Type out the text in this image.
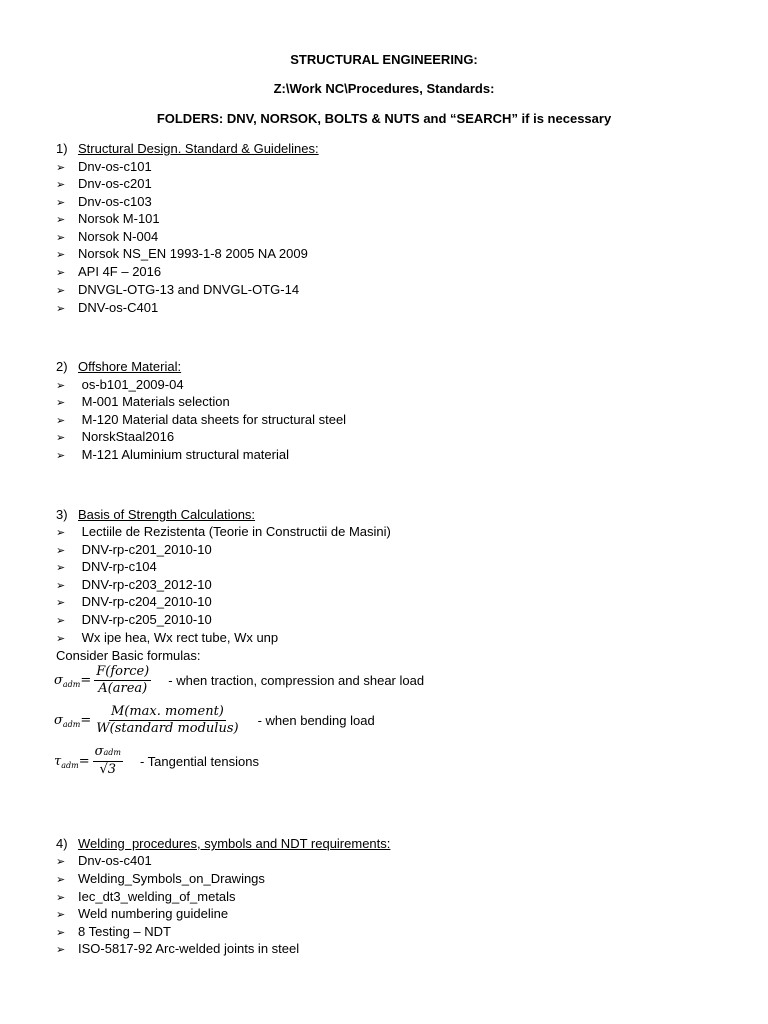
STRUCTURAL ENGINEERING:
Z:\Work NC\Procedures, Standards:
FOLDERS: DNV, NORSOK, BOLTS & NUTS and “SEARCH” if is necessary
1) Structural Design. Standard & Guidelines:
➢ Dnv-os-c101
➢ Dnv-os-c201
➢ Dnv-os-c103
➢ Norsok M-101
➢ Norsok N-004
➢ Norsok NS_EN 1993-1-8 2005 NA 2009
➢ API 4F – 2016
➢ DNVGL-OTG-13 and DNVGL-OTG-14
➢ DNV-os-C401
2) Offshore Material:
➢ os-b101_2009-04
➢ M-001 Materials selection
➢ M-120 Material data sheets for structural steel
➢ NorskStaal2016
➢ M-121 Aluminium structural material
3) Basis of Strength Calculations:
➢ Lectiile de Rezistenta (Teorie in Constructii de Masini)
➢ DNV-rp-c201_2010-10
➢ DNV-rp-c104
➢ DNV-rp-c203_2012-10
➢ DNV-rp-c204_2010-10
➢ DNV-rp-c205_2010-10
➢ Wx ipe hea, Wx rect tube, Wx unp
Consider Basic formulas:
σ adm = $\frac{\text{F(force)}}{\text{A(area)}}$ - when traction, compression and shear load
σ adm = $\frac{\text{M(max. moment)}}{\text{W(standard modulus)}}$ - when bending load
τ adm = $\frac{\text{σadm}}{√3}$ - Tangential tensions
4) Welding  procedures, symbols and NDT requirements:
➢ Dnv-os-c401
➢ Welding_Symbols_on_Drawings
➢ Iec_dt3_welding_of_metals
➢ Weld numbering guideline
➢ 8 Testing – NDT
➢ ISO-5817-92 Arc-welded joints in steel
